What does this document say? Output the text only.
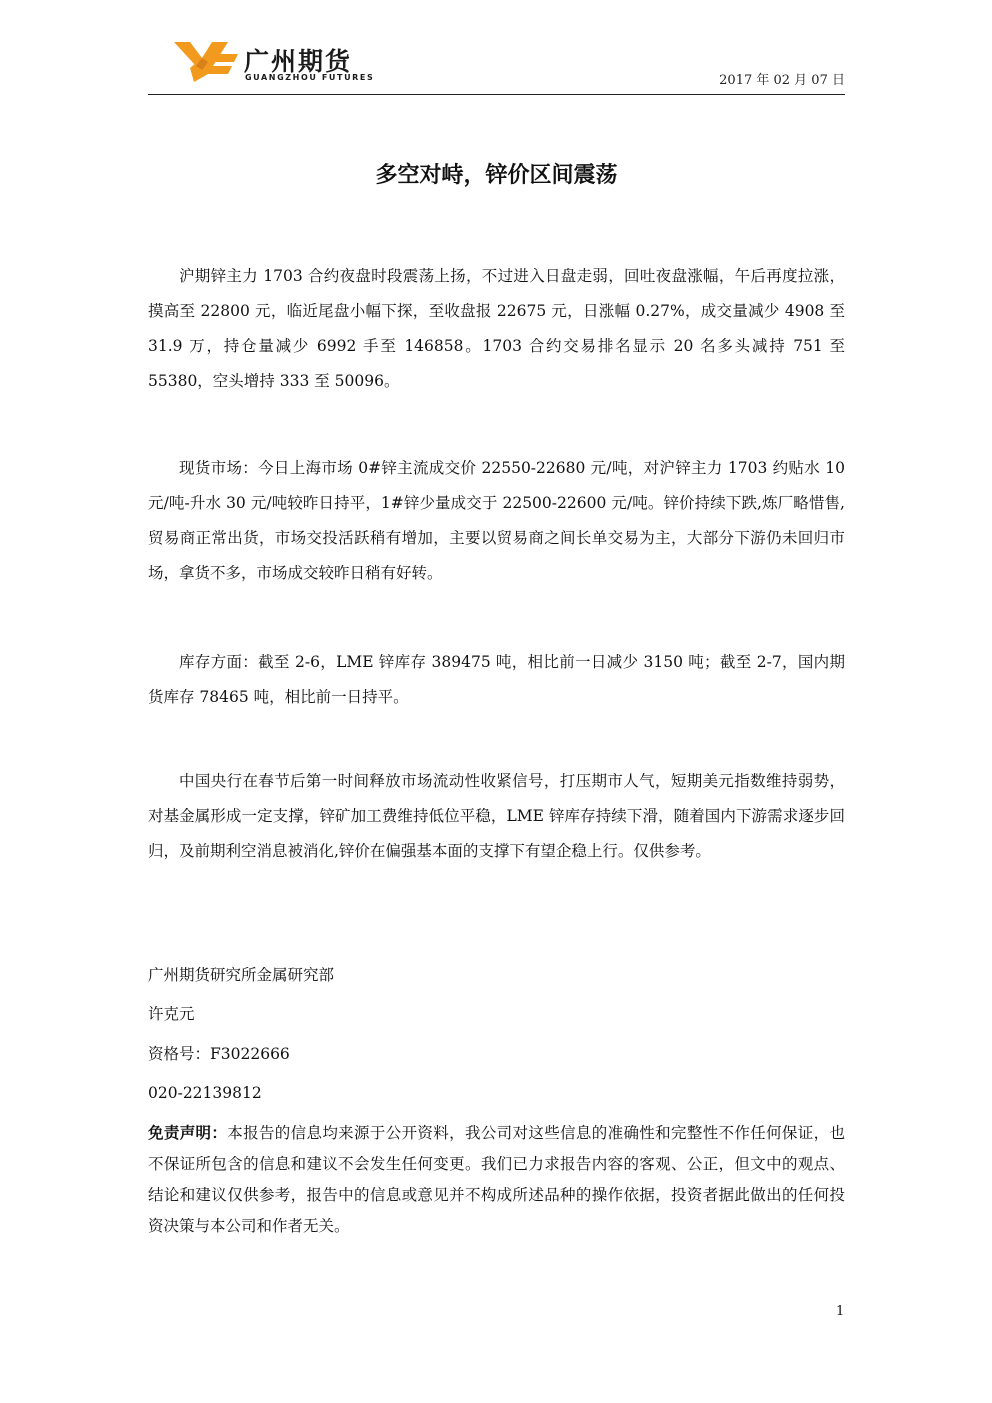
广州期货
GUANGZHOU FUTURES	2017 年 02 月 07 日
多空对峙，锌价区间震荡

沪期锌主力 1703 合约夜盘时段震荡上扬，不过进入日盘走弱，回吐夜盘涨幅，午后再度拉涨，摸高至 22800 元，临近尾盘小幅下探，至收盘报 22675 元，日涨幅 0.27%，成交量减少 4908 至 31.9 万，持仓量减少 6992 手至 146858。1703 合约交易排名显示 20 名多头减持 751 至 55380，空头增持 333 至 50096。

现货市场：今日上海市场 0#锌主流成交价 22550-22680 元/吨，对沪锌主力 1703 约贴水 10 元/吨-升水 30 元/吨较昨日持平，1#锌少量成交于 22500-22600 元/吨。锌价持续下跌,炼厂略惜售,贸易商正常出货，市场交投活跃稍有增加，主要以贸易商之间长单交易为主，大部分下游仍未回归市场，拿货不多，市场成交较昨日稍有好转。

库存方面：截至 2-6，LME 锌库存 389475 吨，相比前一日减少 3150 吨；截至 2-7，国内期货库存 78465 吨，相比前一日持平。

中国央行在春节后第一时间释放市场流动性收紧信号，打压期市人气，短期美元指数维持弱势，对基金属形成一定支撑，锌矿加工费维持低位平稳，LME 锌库存持续下滑，随着国内下游需求逐步回归，及前期利空消息被消化,锌价在偏强基本面的支撑下有望企稳上行。仅供参考。

广州期货研究所金属研究部
许克元
资格号：F3022666
020-22139812

免责声明：本报告的信息均来源于公开资料，我公司对这些信息的准确性和完整性不作任何保证，也不保证所包含的信息和建议不会发生任何变更。我们已力求报告内容的客观、公正，但文中的观点、结论和建议仅供参考，报告中的信息或意见并不构成所述品种的操作依据，投资者据此做出的任何投资决策与本公司和作者无关。

1
